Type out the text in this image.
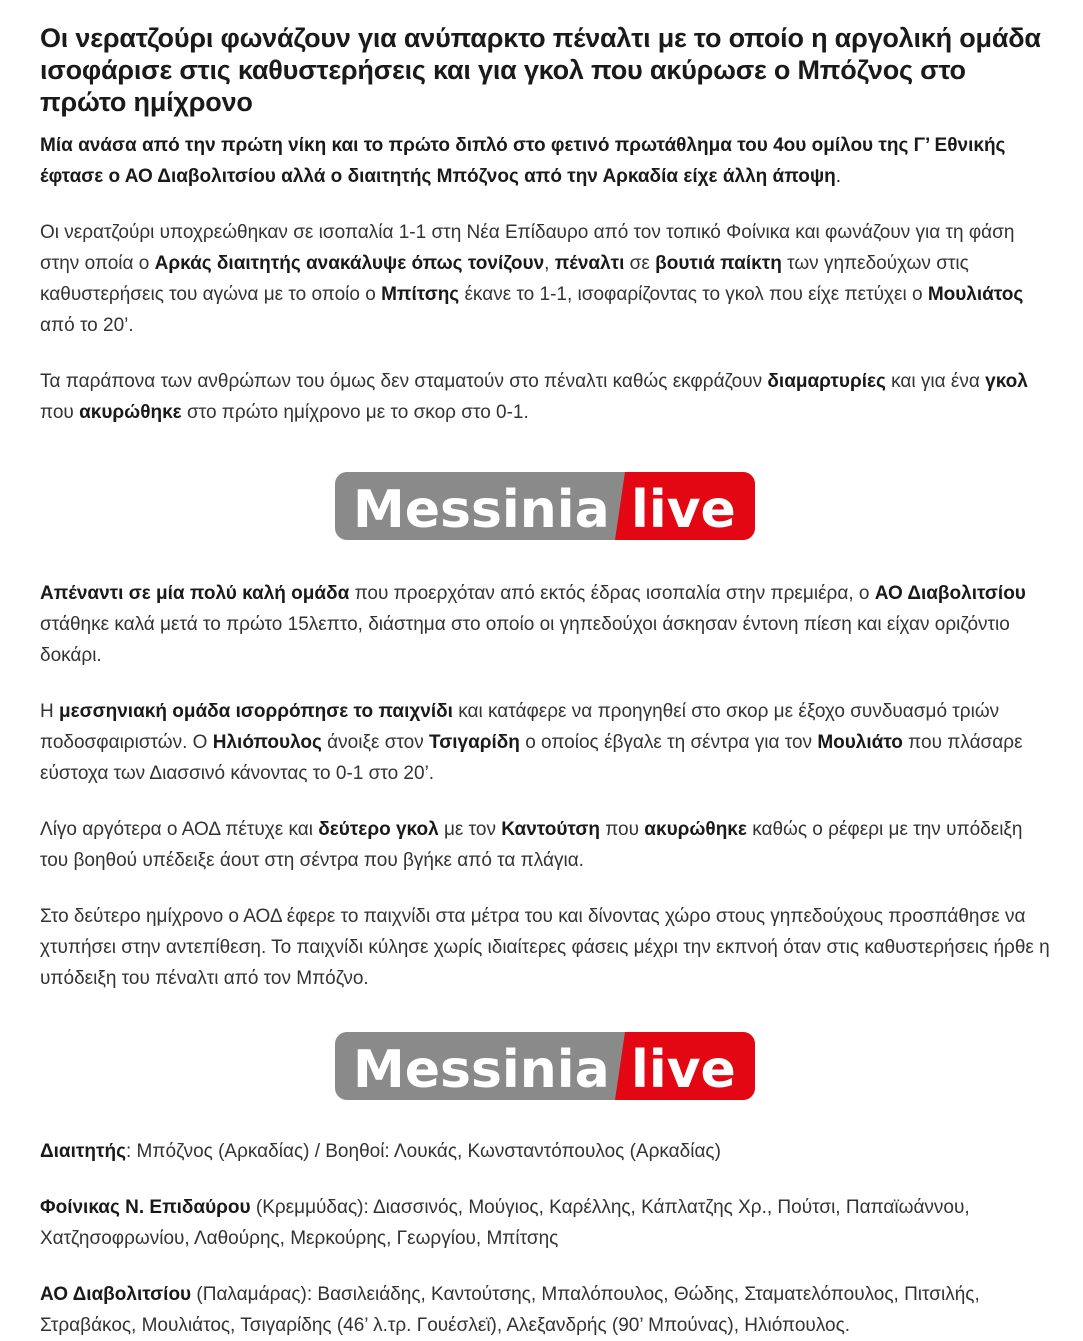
Οι νερατζούρι φωνάζουν για ανύπαρκτο πέναλτι με το οποίο η αργολική ομάδα ισοφάρισε στις καθυστερήσεις και για γκολ που ακύρωσε ο Μπόζνος στο πρώτο ημίχρονο
Μία ανάσα από την πρώτη νίκη και το πρώτο διπλό στο φετινό πρωτάθλημα του 4ου ομίλου της Γ’ Εθνικής έφτασε ο ΑΟ Διαβολιτσίου αλλά ο διαιτητής Μπόζνος από την Αρκαδία είχε άλλη άποψη.

Οι νερατζούρι υποχρεώθηκαν σε ισοπαλία 1-1 στη Νέα Επίδαυρο από τον τοπικό Φοίνικα και φωνάζουν για τη φάση στην οποία ο Αρκάς διαιτητής ανακάλυψε όπως τονίζουν, πέναλτι σε βουτιά παίκτη των γηπεδούχων στις καθυστερήσεις του αγώνα με το οποίο ο Μπίτσης έκανε το 1-1, ισοφαρίζοντας το γκολ που είχε πετύχει ο Μουλιάτος από το 20’.

Τα παράπονα των ανθρώπων του όμως δεν σταματούν στο πέναλτι καθώς εκφράζουν διαμαρτυρίες και για ένα γκολ που ακυρώθηκε στο πρώτο ημίχρονο με το σκορ στο 0-1.

Messinia live

Απέναντι σε μία πολύ καλή ομάδα που προερχόταν από εκτός έδρας ισοπαλία στην πρεμιέρα, ο ΑΟ Διαβολιτσίου στάθηκε καλά μετά το πρώτο 15λεπτο, διάστημα στο οποίο οι γηπεδούχοι άσκησαν έντονη πίεση και είχαν οριζόντιο δοκάρι.

Η μεσσηνιακή ομάδα ισορρόπησε το παιχνίδι και κατάφερε να προηγηθεί στο σκορ με έξοχο συνδυασμό τριών ποδοσφαιριστών. Ο Ηλιόπουλος άνοιξε στον Τσιγαρίδη ο οποίος έβγαλε τη σέντρα για τον Μουλιάτο που πλάσαρε εύστοχα των Διασσινό κάνοντας το 0-1 στο 20’.

Λίγο αργότερα ο ΑΟΔ πέτυχε και δεύτερο γκολ με τον Καντούτση που ακυρώθηκε καθώς ο ρέφερι με την υπόδειξη του βοηθού υπέδειξε άουτ στη σέντρα που βγήκε από τα πλάγια.

Στο δεύτερο ημίχρονο ο ΑΟΔ έφερε το παιχνίδι στα μέτρα του και δίνοντας χώρο στους γηπεδούχους προσπάθησε να χτυπήσει στην αντεπίθεση. Το παιχνίδι κύλησε χωρίς ιδιαίτερες φάσεις μέχρι την εκπνοή όταν στις καθυστερήσεις ήρθε η υπόδειξη του πέναλτι από τον Μπόζνο.

Messinia live

Διαιτητής: Μπόζνος (Αρκαδίας) / Βοηθοί: Λουκάς, Κωνσταντόπουλος (Αρκαδίας)

Φοίνικας Ν. Επιδαύρου (Κρεμμύδας): Διασσινός, Μούγιος, Καρέλλης, Κάπλατζης Χρ., Πούτσι, Παπαϊωάννου, Χατζησοφρωνίου, Λαθούρης, Μερκούρης, Γεωργίου, Μπίτσης

ΑΟ Διαβολιτσίου (Παλαμάρας): Βασιλειάδης, Καντούτσης, Μπαλόπουλος, Θώδης, Σταματελόπουλος, Πιτσιλής, Στραβάκος, Μουλιάτος, Τσιγαρίδης (46’ λ.τρ. Γουέσλεϊ), Αλεξανδρής (90’ Μπούνας), Ηλιόπουλος.
